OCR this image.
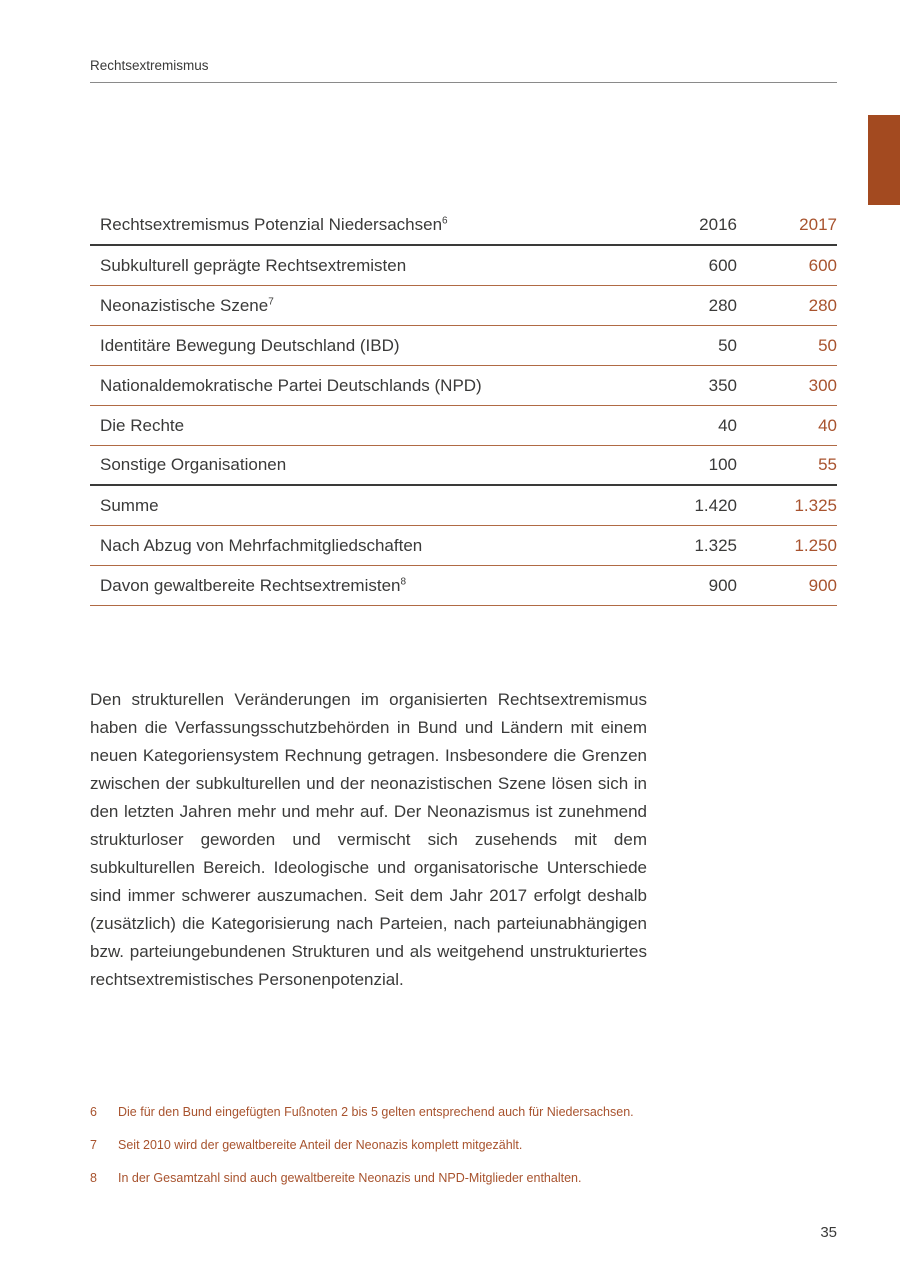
Rechtsextremismus
Rechtsextremismus Potenzial Niedersachsen$^6$	2016	2017
Subkulturell geprägte Rechtsextremisten	600	600
Neonazistische Szene$^7$	280	280
Identitäre Bewegung Deutschland (IBD)	50	50
Nationaldemokratische Partei Deutschlands (NPD)	350	300
Die Rechte	40	40
Sonstige Organisationen	100	55
Summe	1.420	1.325
Nach Abzug von Mehrfachmitgliedschaften	1.325	1.250
Davon gewaltbereite Rechtsextremisten$^8$	900	900

Den strukturellen Veränderungen im organisierten Rechtsextremismus haben die Verfassungsschutzbehörden in Bund und Ländern mit einem neuen Kategoriensystem Rechnung getragen. Insbesondere die Grenzen zwischen der subkulturellen und der neonazistischen Szene lösen sich in den letzten Jahren mehr und mehr auf. Der Neonazismus ist zunehmend strukturloser geworden und vermischt sich zusehends mit dem subkulturellen Bereich. Ideologische und organisatorische Unterschiede sind immer schwerer auszumachen. Seit dem Jahr 2017 erfolgt deshalb (zusätzlich) die Kategorisierung nach Parteien, nach parteiunabhängigen bzw. parteiungebundenen Strukturen und als weitgehend unstrukturiertes rechtsextremistisches Personenpotenzial.

6	Die für den Bund eingefügten Fußnoten 2 bis 5 gelten entsprechend auch für Niedersachsen.
7	Seit 2010 wird der gewaltbereite Anteil der Neonazis komplett mitgezählt.
8	In der Gesamtzahl sind auch gewaltbereite Neonazis und NPD-Mitglieder enthalten.
35
